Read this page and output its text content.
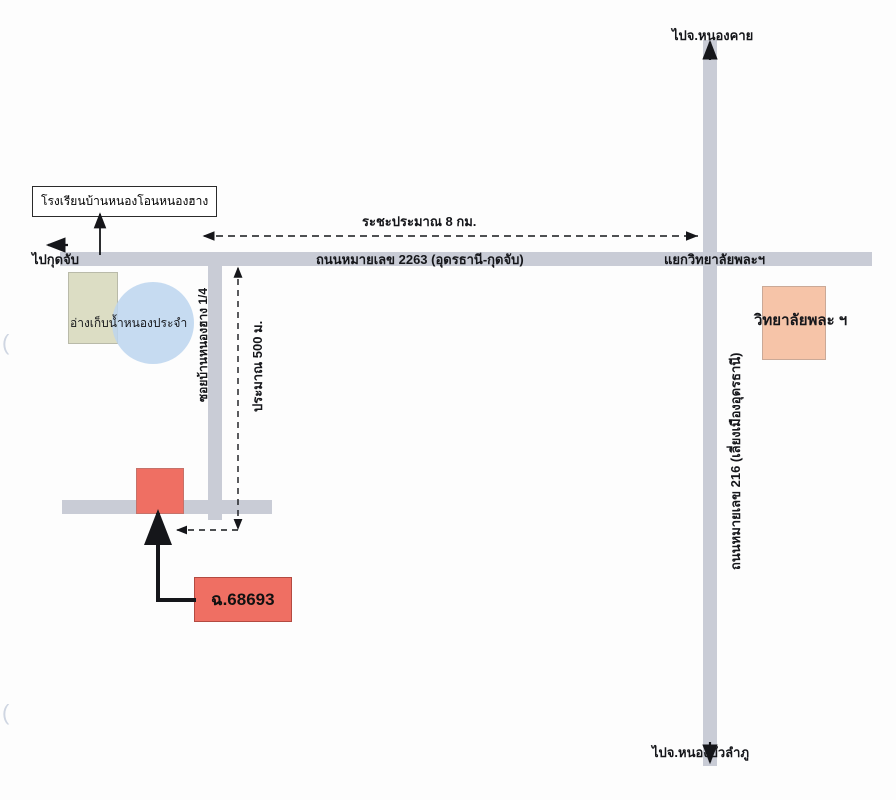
ไปจ.หนองคาย
ไปจ.หนองบัวลำภู
ไปกุดจับ
โรงเรียนบ้านหนองโอนหนองฮาง
อ่างเก็บน้ำหนองประจำ
ถนนหมายเลข 2263 (อุดรธานี-กุดจับ)
ระชะประมาณ 8 กม.
แยกวิทยาลัยพละฯ
วิทยาลัยพละ ฯ
ถนนหมายเลข 216 (เลี่ยงเมืองอุดรธานี)
ซอยบ้านหนองฮาง 1/4	ประมาณ 500 ม.
ฉ.68693
(
(
